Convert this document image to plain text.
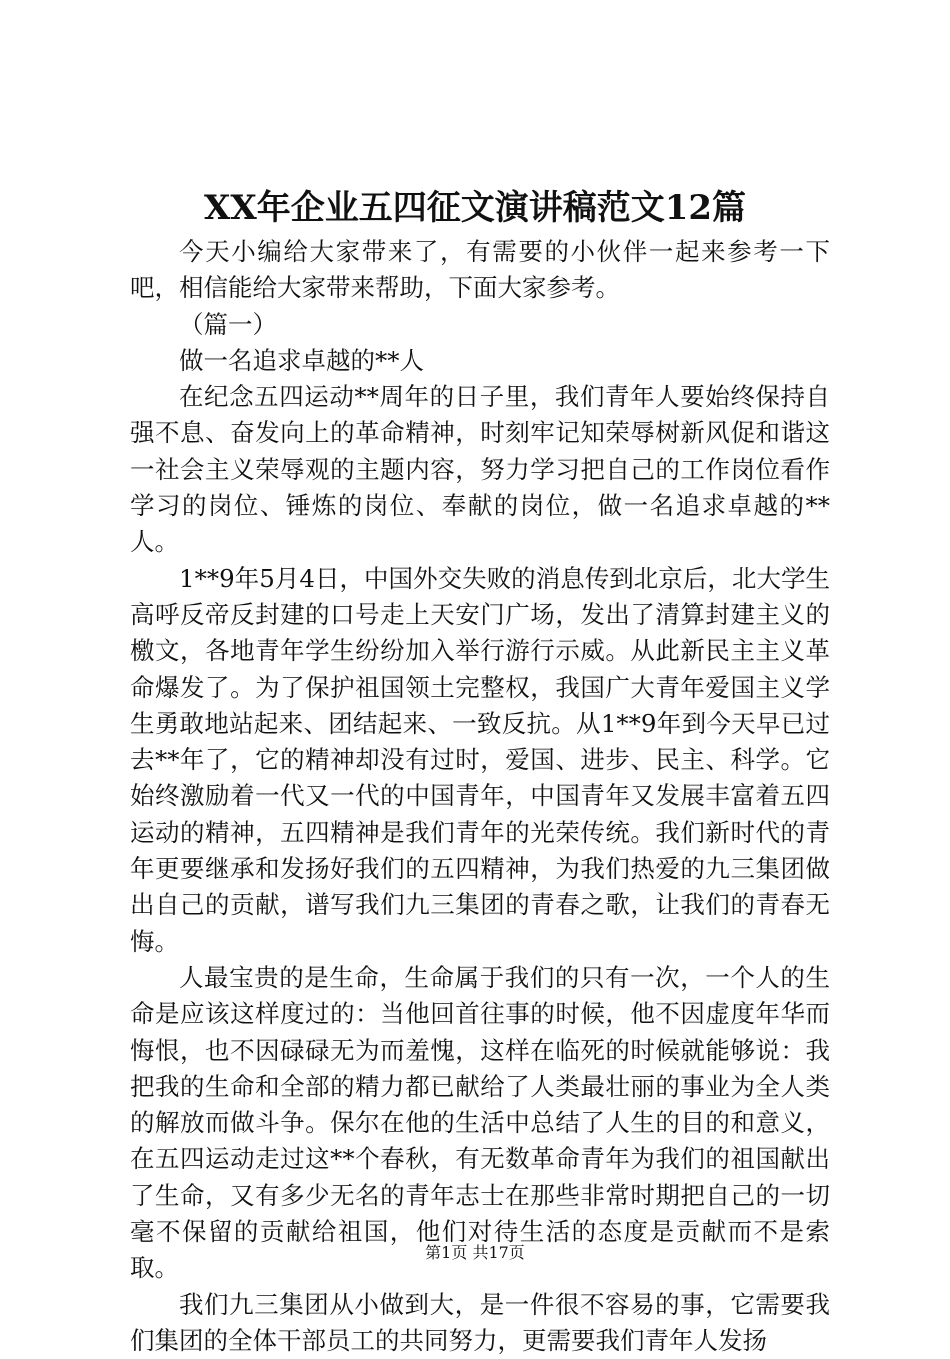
XX年企业五四征文演讲稿范文12篇

今天小编给大家带来了，有需要的小伙伴一起来参考一下吧，相信能给大家带来帮助，下面大家参考。

（篇一）

做一名追求卓越的**人

在纪念五四运动**周年的日子里，我们青年人要始终保持自强不息、奋发向上的革命精神，时刻牢记知荣辱树新风促和谐这一社会主义荣辱观的主题内容，努力学习把自己的工作岗位看作学习的岗位、锤炼的岗位、奉献的岗位，做一名追求卓越的**人。

1**9年5月4日，中国外交失败的消息传到北京后，北大学生高呼反帝反封建的口号走上天安门广场，发出了清算封建主义的檄文，各地青年学生纷纷加入举行游行示威。从此新民主主义革命爆发了。为了保护祖国领土完整权，我国广大青年爱国主义学生勇敢地站起来、团结起来、一致反抗。从1**9年到今天早已过去**年了，它的精神却没有过时，爱国、进步、民主、科学。它始终激励着一代又一代的中国青年，中国青年又发展丰富着五四运动的精神，五四精神是我们青年的光荣传统。我们新时代的青年更要继承和发扬好我们的五四精神，为我们热爱的九三集团做出自己的贡献，谱写我们九三集团的青春之歌，让我们的青春无悔。

人最宝贵的是生命，生命属于我们的只有一次，一个人的生命是应该这样度过的：当他回首往事的时候，他不因虚度年华而悔恨，也不因碌碌无为而羞愧，这样在临死的时候就能够说：我把我的生命和全部的精力都已献给了人类最壮丽的事业为全人类的解放而做斗争。保尔在他的生活中总结了人生的目的和意义，在五四运动走过这**个春秋，有无数革命青年为我们的祖国献出了生命，又有多少无名的青年志士在那些非常时期把自己的一切毫不保留的贡献给祖国，他们对待生活的态度是贡献而不是索取。

我们九三集团从小做到大，是一件很不容易的事，它需要我们集团的全体干部员工的共同努力，更需要我们青年人发扬

第1页 共17页
